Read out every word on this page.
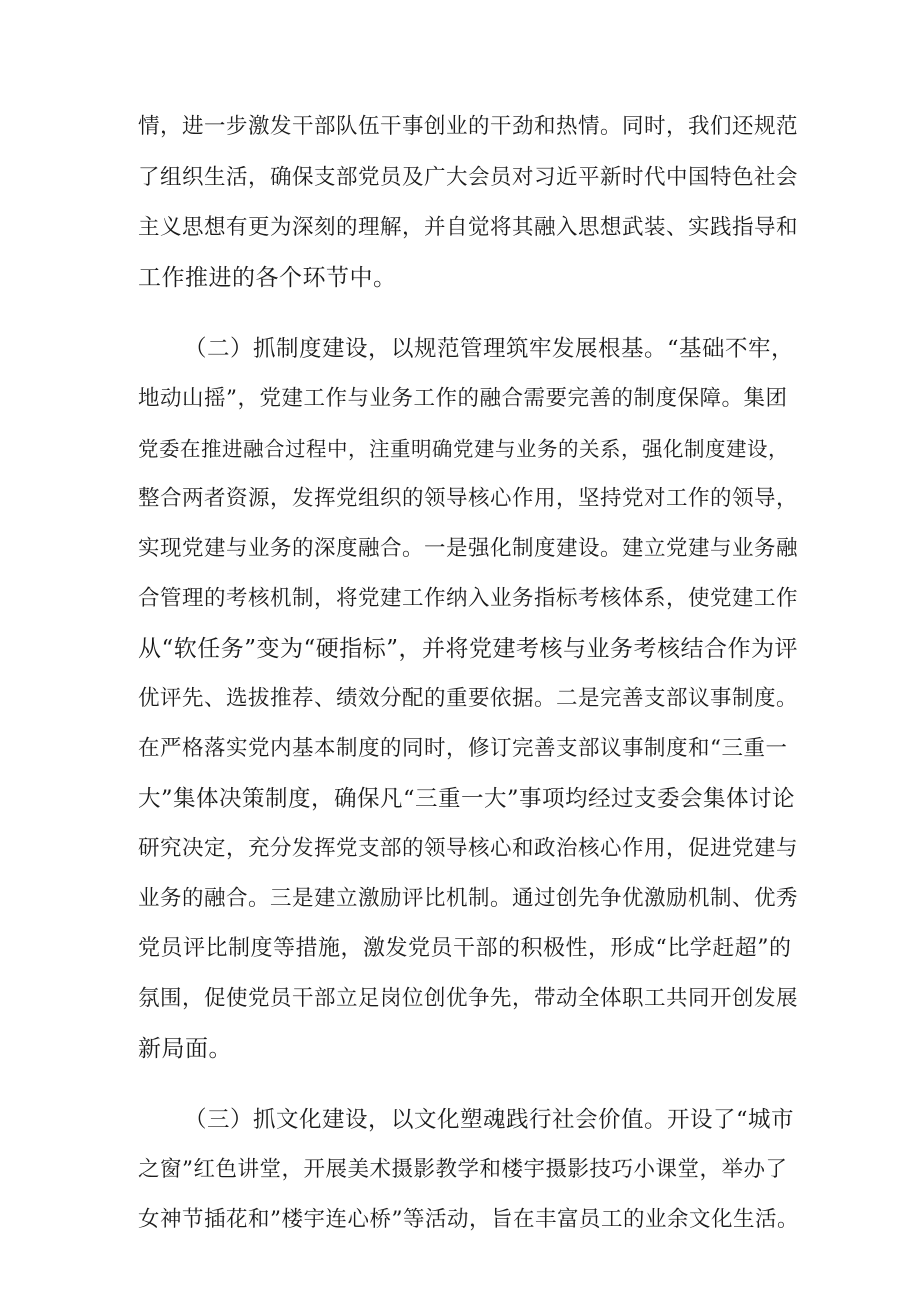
情，进一步激发干部队伍干事创业的干劲和热情。同时，我们还规范

了组织生活，确保支部党员及广大会员对习近平新时代中国特色社会

主义思想有更为深刻的理解，并自觉将其融入思想武装、实践指导和

工作推进的各个环节中。

（二）抓制度建设，以规范管理筑牢发展根基。“基础不牢，

地动山摇”，党建工作与业务工作的融合需要完善的制度保障。集团

党委在推进融合过程中，注重明确党建与业务的关系，强化制度建设，

整合两者资源，发挥党组织的领导核心作用，坚持党对工作的领导，

实现党建与业务的深度融合。一是强化制度建设。建立党建与业务融

合管理的考核机制，将党建工作纳入业务指标考核体系，使党建工作

从“软任务”变为“硬指标”，并将党建考核与业务考核结合作为评

优评先、选拔推荐、绩效分配的重要依据。二是完善支部议事制度。

在严格落实党内基本制度的同时，修订完善支部议事制度和“三重一

大”集体决策制度，确保凡“三重一大”事项均经过支委会集体讨论

研究决定，充分发挥党支部的领导核心和政治核心作用，促进党建与

业务的融合。三是建立激励评比机制。通过创先争优激励机制、优秀

党员评比制度等措施，激发党员干部的积极性，形成“比学赶超”的

氛围，促使党员干部立足岗位创优争先，带动全体职工共同开创发展

新局面。

（三）抓文化建设，以文化塑魂践行社会价值。开设了“城市

之窗”红色讲堂，开展美术摄影教学和楼宇摄影技巧小课堂，举办了

女神节插花和”楼宇连心桥”等活动，旨在丰富员工的业余文化生活。
